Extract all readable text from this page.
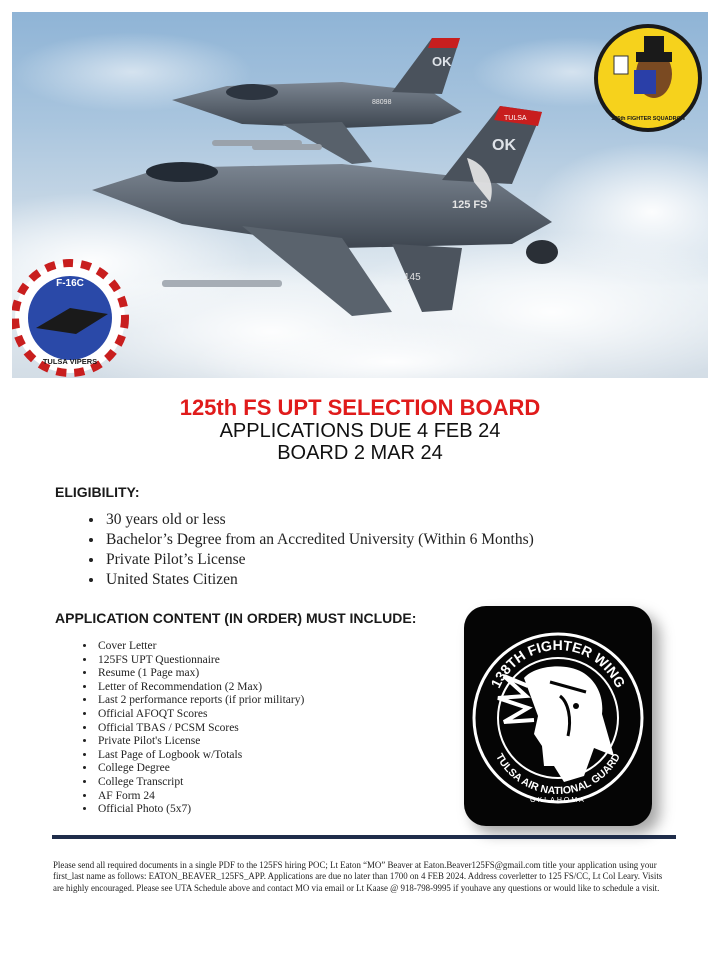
OK
88098
TULSA
OK
125 FS
145
F-16C
TULSA VIPERS
125th FIGHTER SQUADRON
125th FS UPT SELECTION BOARD
APPLICATIONS DUE 4 FEB 24
BOARD 2 MAR 24
ELIGIBILITY:
• 30 years old or less
• Bachelor’s Degree from an Accredited University (Within 6 Months)
• Private Pilot’s License
• United States Citizen
APPLICATION CONTENT (IN ORDER) MUST INCLUDE:
• Cover Letter
• 125FS UPT Questionnaire
• Resume (1 Page max)
• Letter of Recommendation (2 Max)
• Last 2 performance reports (if prior military)
• Official AFOQT Scores
• Official TBAS / PCSM Scores
• Private Pilot's License
• Last Page of Logbook w/Totals
• College Degree
• College Transcript
• AF Form 24
• Official Photo (5x7)
138TH FIGHTER WING
TULSA AIR NATIONAL GUARD
OKLAHOMA

Please send all required documents in a single PDF to the 125FS hiring POC; Lt Eaton “MO” Beaver at Eaton.Beaver125FS@gmail.com title your application using your first_last name as follows: EATON_BEAVER_125FS_APP. Applications are due no later than 1700 on 4 FEB 2024. Address coverletter to 125 FS/CC, Lt Col Leary. Visits are highly encouraged. Please see UTA Schedule above and contact MO via email or Lt Kaase @ 918-798-9995 if youhave any questions or would like to schedule a visit.
